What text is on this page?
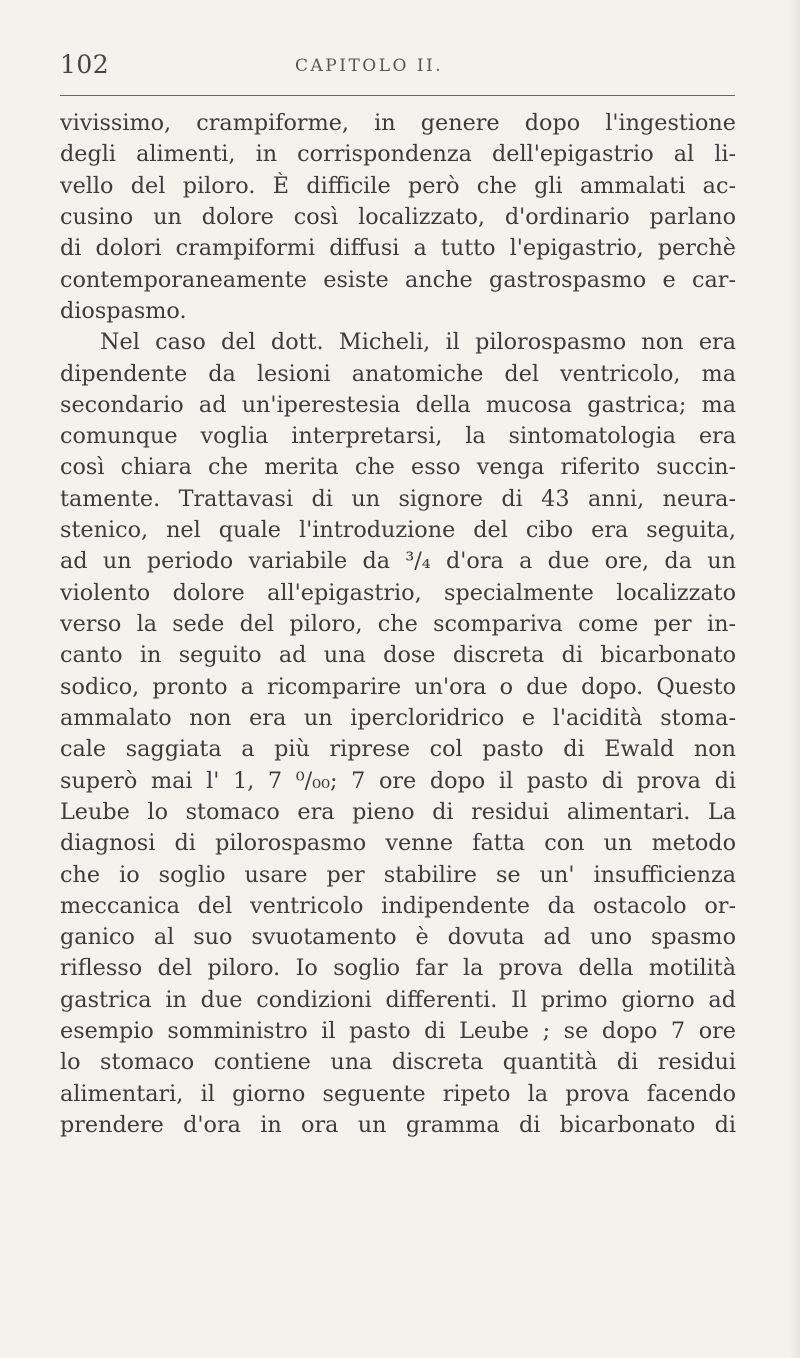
102	CAPITOLO II.
vivissimo, crampiforme, in genere dopo l'ingestione
degli alimenti, in corrispondenza dell'epigastrio al li-
vello del piloro. È difficile però che gli ammalati ac-
cusino un dolore così localizzato, d'ordinario parlano
di dolori crampiformi diffusi a tutto l'epigastrio, perchè
contemporaneamente esiste anche gastrospasmo e car-
diospasmo.
Nel caso del dott. Micheli, il pilorospasmo non era
dipendente da lesioni anatomiche del ventricolo, ma
secondario ad un'iperestesia della mucosa gastrica; ma
comunque voglia interpretarsi, la sintomatologia era
così chiara che merita che esso venga riferito succin-
tamente. Trattavasi di un signore di 43 anni, neura-
stenico, nel quale l'introduzione del cibo era seguita,
ad un periodo variabile da ³/₄ d'ora a due ore, da un
violento dolore all'epigastrio, specialmente localizzato
verso la sede del piloro, che scompariva come per in-
canto in seguito ad una dose discreta di bicarbonato
sodico, pronto a ricomparire un'ora o due dopo. Questo
ammalato non era un ipercloridrico e l'acidità stoma-
cale saggiata a più riprese col pasto di Ewald non
superò mai l' 1, 7 ⁰/₀₀; 7 ore dopo il pasto di prova di
Leube lo stomaco era pieno di residui alimentari. La
diagnosi di pilorospasmo venne fatta con un metodo
che io soglio usare per stabilire se un' insufficienza
meccanica del ventricolo indipendente da ostacolo or-
ganico al suo svuotamento è dovuta ad uno spasmo
riflesso del piloro. Io soglio far la prova della motilità
gastrica in due condizioni differenti. Il primo giorno ad
esempio somministro il pasto di Leube ; se dopo 7 ore
lo stomaco contiene una discreta quantità di residui
alimentari, il giorno seguente ripeto la prova facendo
prendere d'ora in ora un gramma di bicarbonato di
